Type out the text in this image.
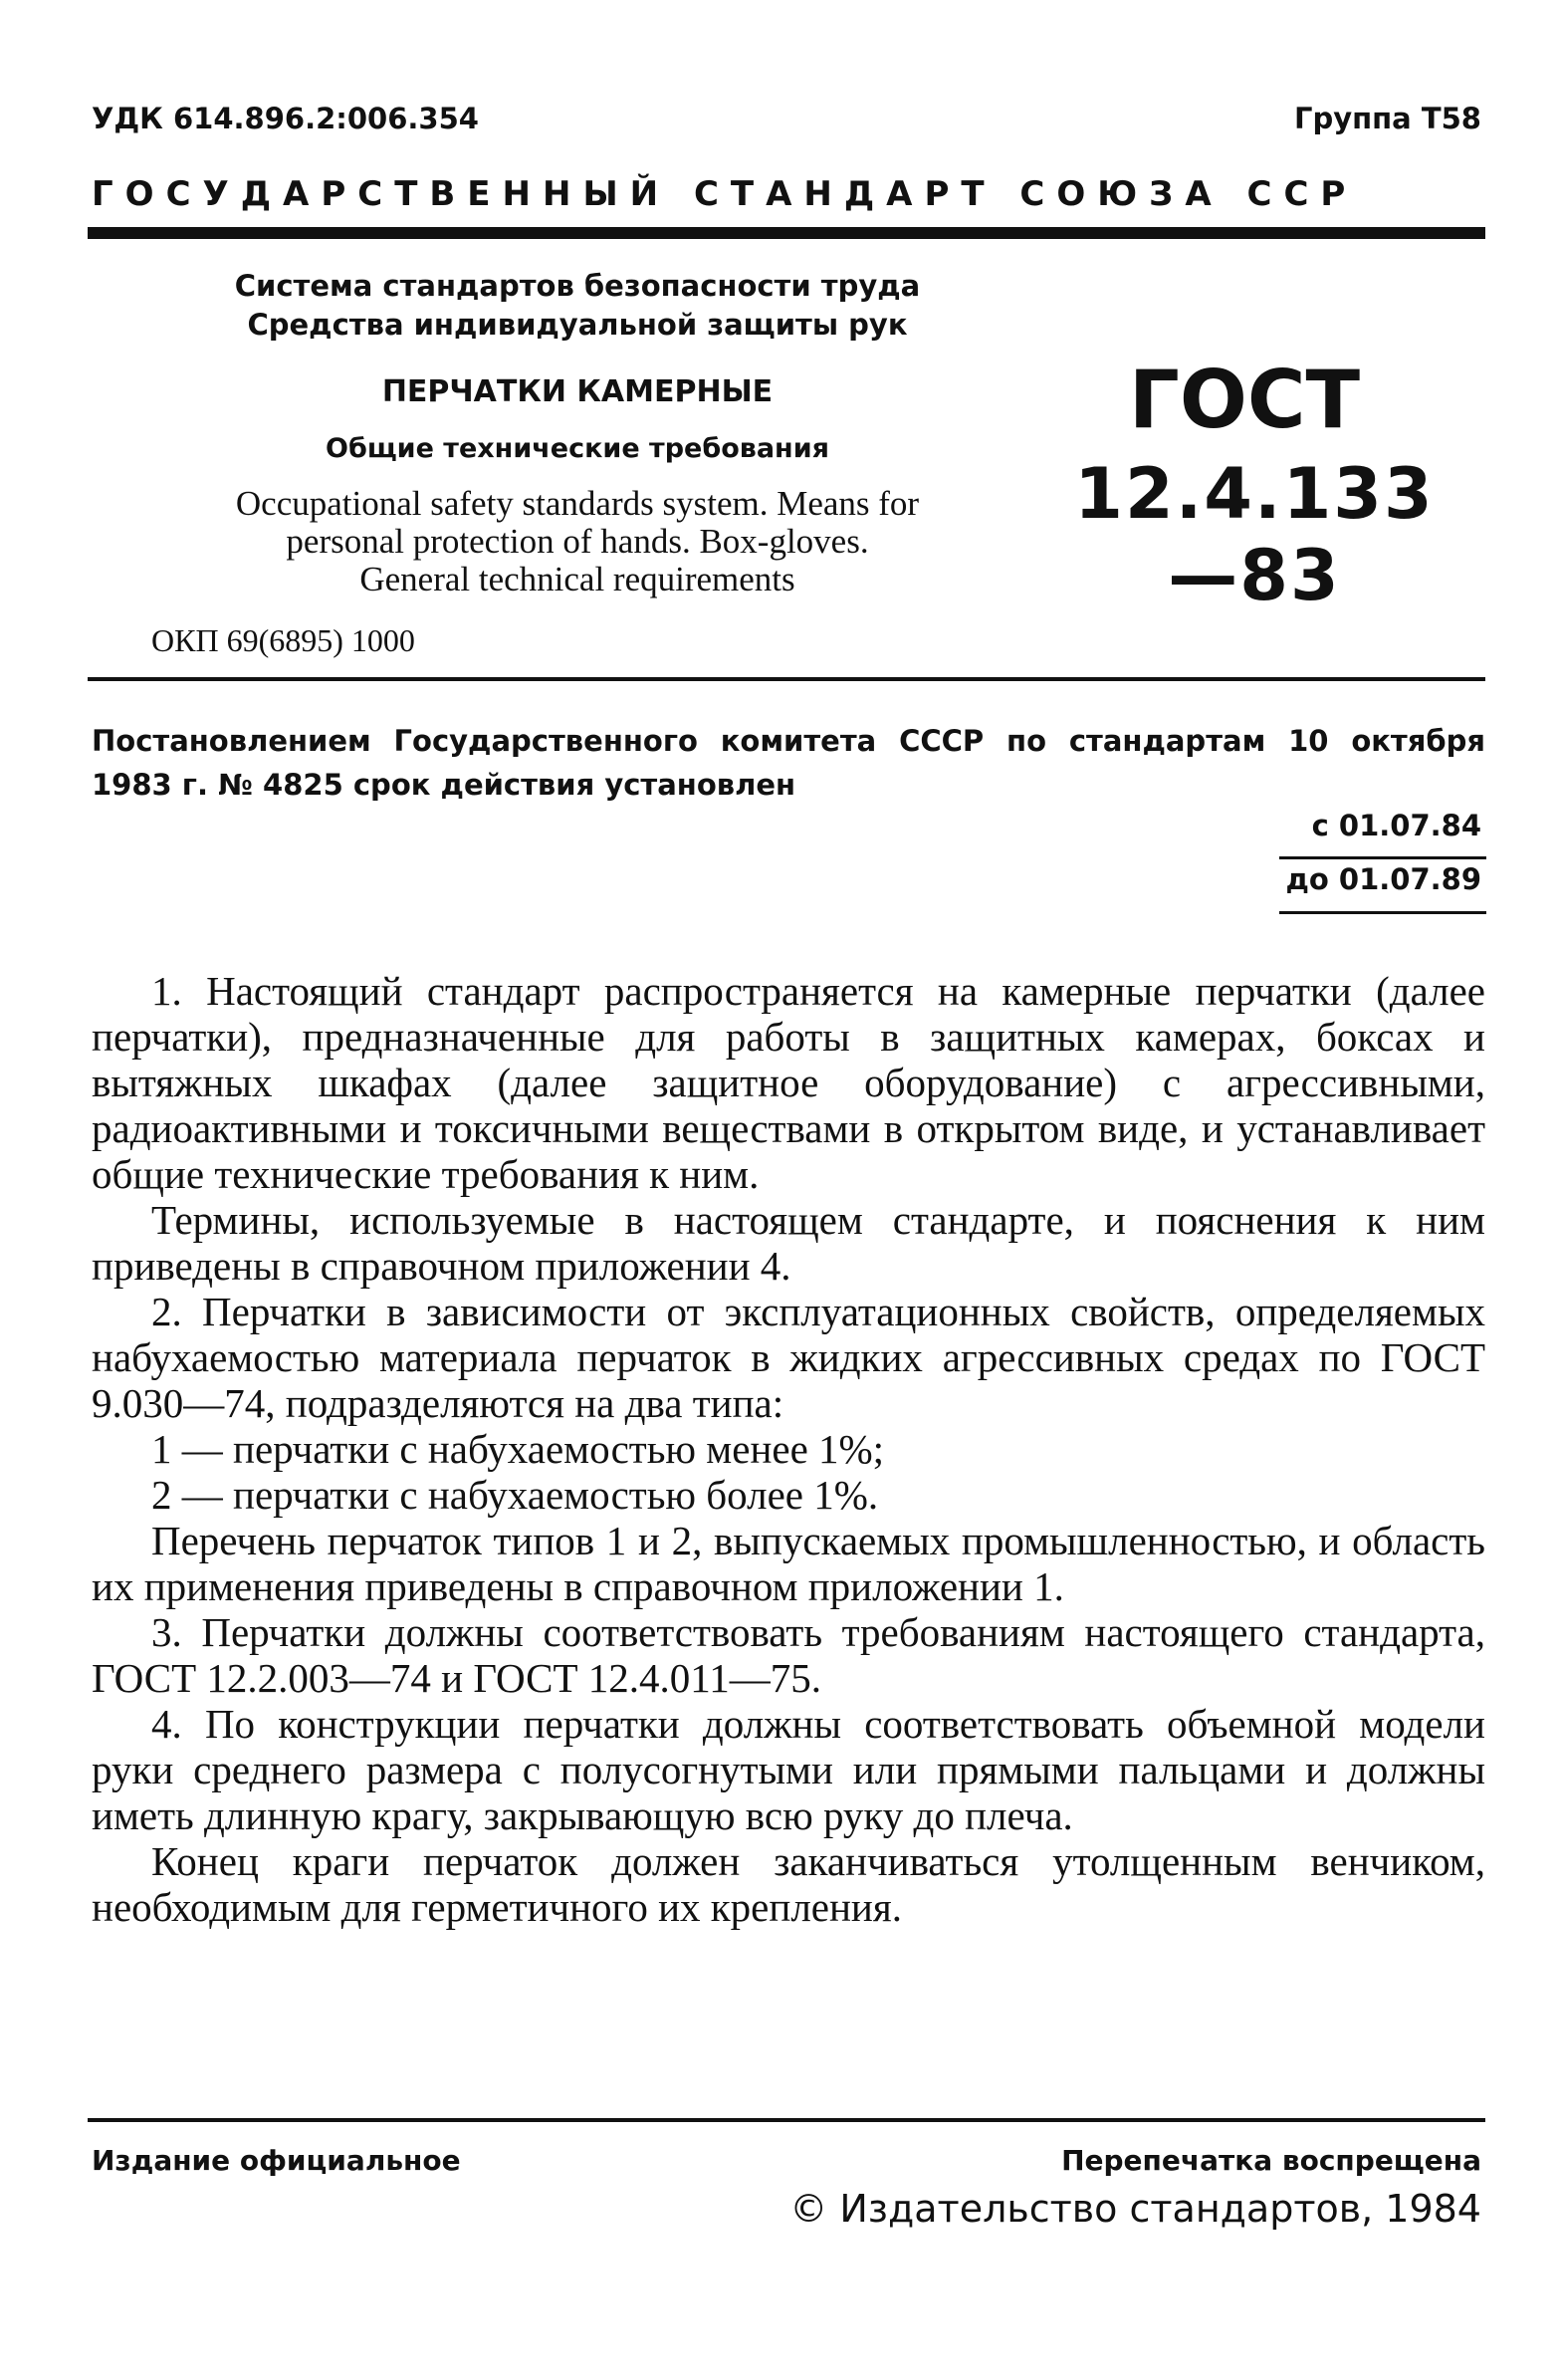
УДК 614.896.2:006.354	Группа Т58
ГОСУДАРСТВЕННЫЙ СТАНДАРТ СОЮЗА ССР
Система стандартов безопасности труда
Средства индивидуальной защиты рук
ПЕРЧАТКИ КАМЕРНЫЕ
Общие технические требования
Occupational safety standards system. Means for
personal protection of hands. Box-gloves.
General technical requirements
ОКП 69(6895) 1000
ГОСТ
12.4.133—83
Постановлением Государственного комитета СССР по стандартам 10 октября 1983 г. № 4825 срок действия установлен
с 01.07.84
до 01.07.89

1. Настоящий стандарт распространяется на камерные перчатки (далее перчатки), предназначенные для работы в защитных камерах, боксах и вытяжных шкафах (далее защитное оборудование) с агрессивными, радиоактивными и токсичными веществами в открытом виде, и устанавливает общие технические требования к ним.

Термины, используемые в настоящем стандарте, и пояснения к ним приведены в справочном приложении 4.

2. Перчатки в зависимости от эксплуатационных свойств, определяемых набухаемостью материала перчаток в жидких агрессивных средах по ГОСТ 9.030—74, подразделяются на два типа:

1 — перчатки с набухаемостью менее 1%;

2 — перчатки с набухаемостью более 1%.

Перечень перчаток типов 1 и 2, выпускаемых промышленностью, и область их применения приведены в справочном приложении 1.

3. Перчатки должны соответствовать требованиям настоящего стандарта, ГОСТ 12.2.003—74 и ГОСТ 12.4.011—75.

4. По конструкции перчатки должны соответствовать объемной модели руки среднего размера с полусогнутыми или прямыми пальцами и должны иметь длинную крагу, закрывающую всю руку до плеча.

Конец краги перчаток должен заканчиваться утолщенным венчиком, необходимым для герметичного их крепления.

Издание официальное	Перепечатка воспрещена
© Издательство стандартов, 1984
